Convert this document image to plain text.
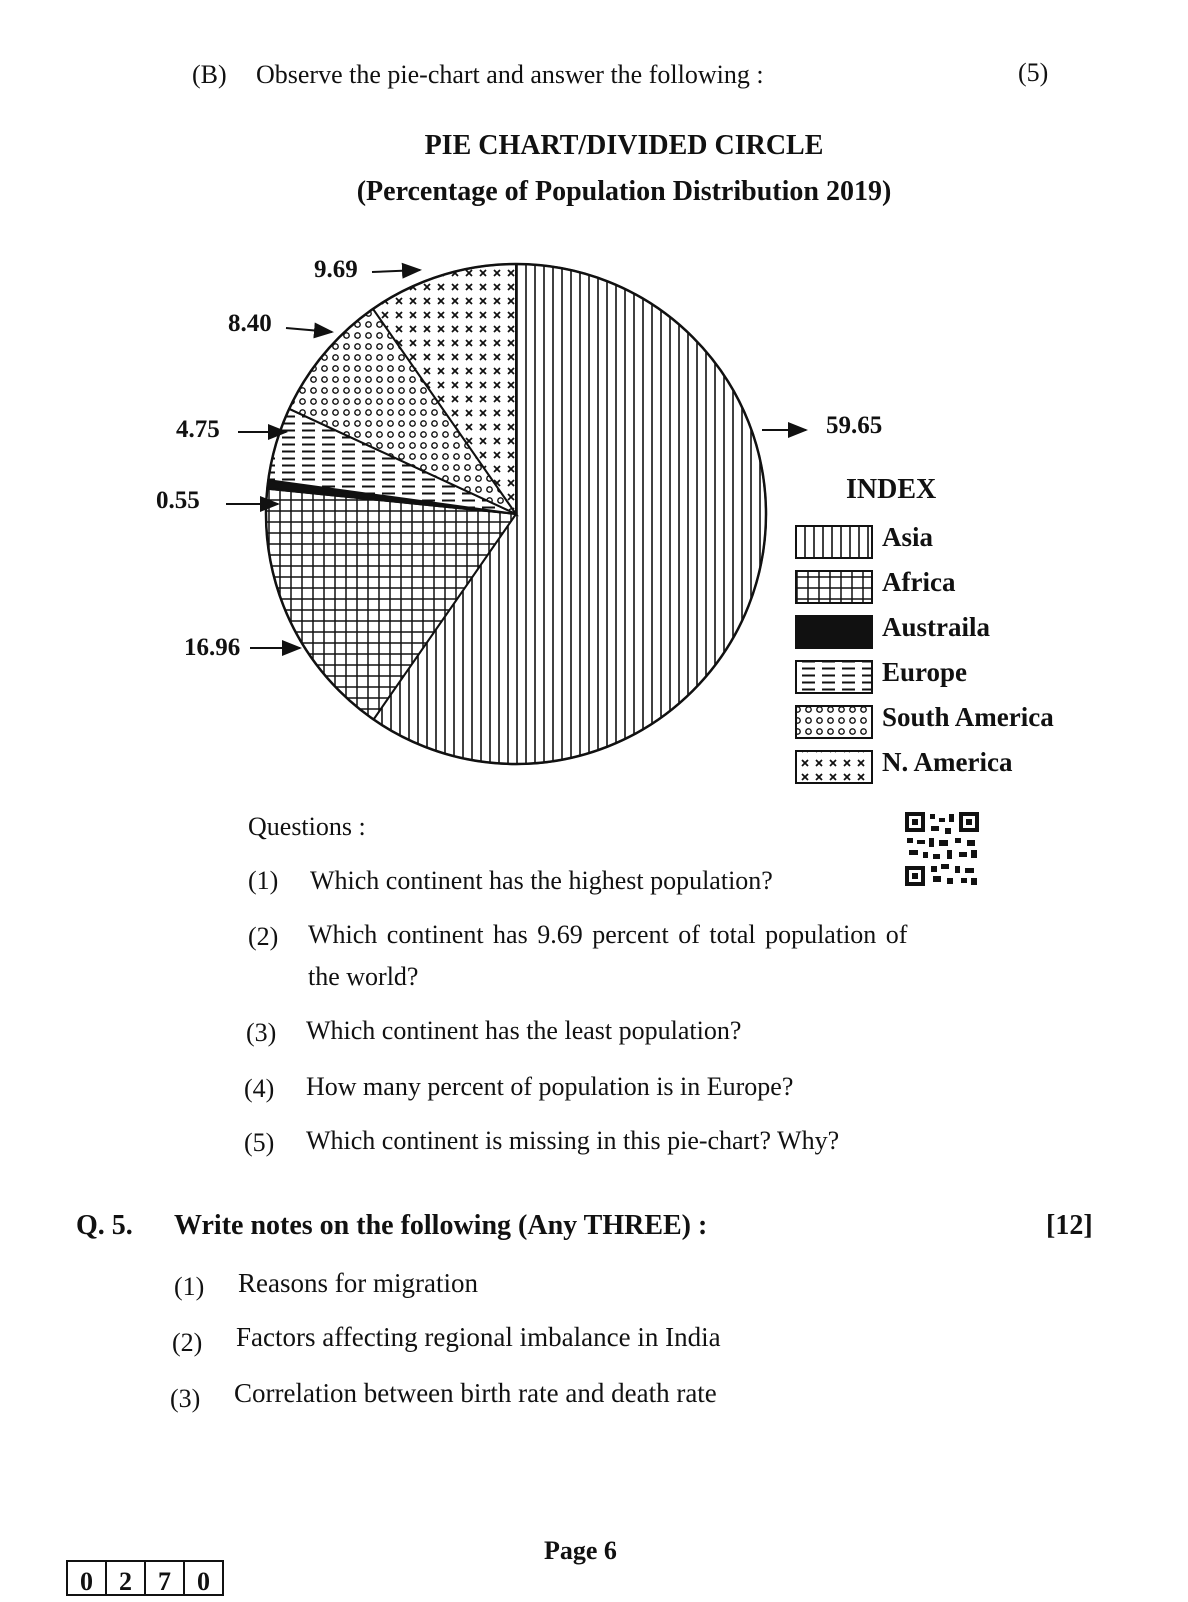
(B) Observe the pie-chart and answer the following :	(5)
PIE CHART/DIVIDED CIRCLE
(Percentage of Population Distribution 2019)
59.65
16.96
0.55
4.75
8.40
9.69
INDEX
Asia
Africa
Austraila
Europe
South America
N. America
Questions :
(1) Which continent has the highest population?
(2) Which continent has 9.69 percent of total population of
the world?
(3) Which continent has the least population?
(4) How many percent of population is in Europe?
(5) Which continent is missing in this pie-chart? Why?
Q. 5. Write notes on the following (Any THREE) :	[12]
(1) Reasons for migration
(2) Factors affecting regional imbalance in India
(3) Correlation between birth rate and death rate
0	2	7	0
Page 6
